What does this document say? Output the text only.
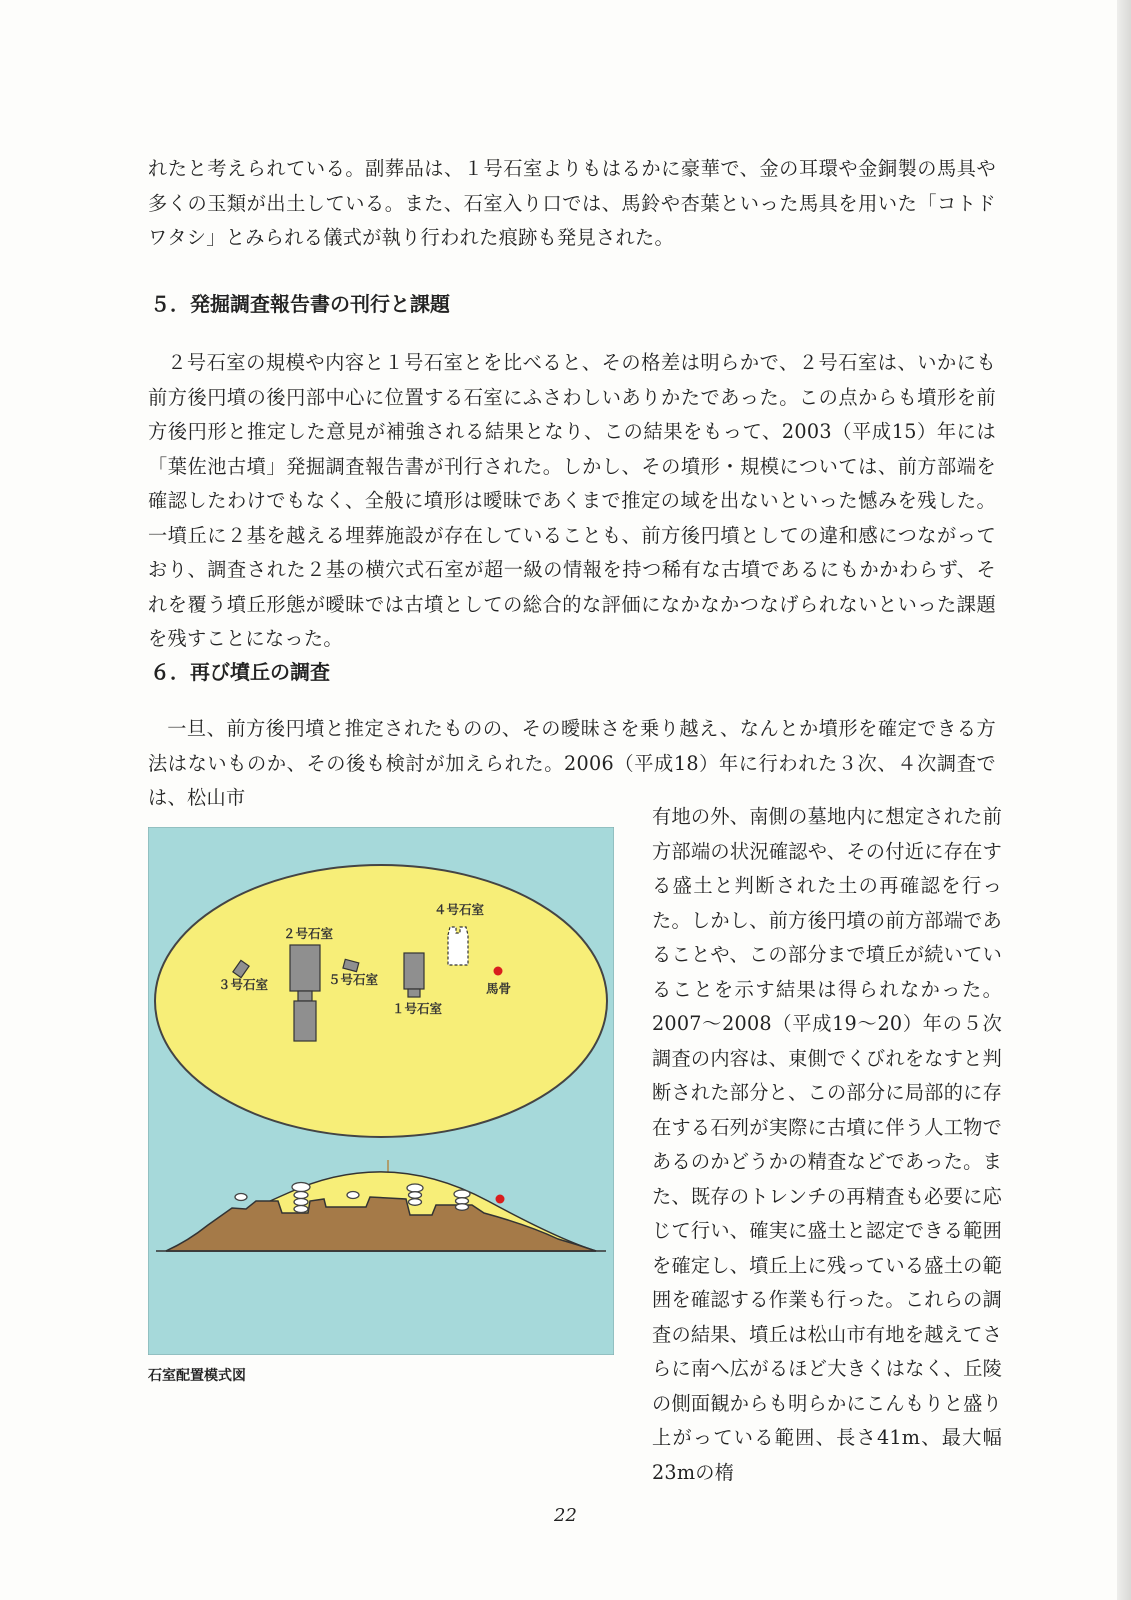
れたと考えられている。副葬品は、１号石室よりもはるかに豪華で、金の耳環や金銅製の馬具や多くの玉類が出土している。また、石室入り口では、馬鈴や杏葉といった馬具を用いた「コトドワタシ」とみられる儀式が執り行われた痕跡も発見された。

５．発掘調査報告書の刊行と課題

２号石室の規模や内容と１号石室とを比べると、その格差は明らかで、２号石室は、いかにも前方後円墳の後円部中心に位置する石室にふさわしいありかたであった。この点からも墳形を前方後円形と推定した意見が補強される結果となり、この結果をもって、2003（平成15）年には「葉佐池古墳」発掘調査報告書が刊行された。しかし、その墳形・規模については、前方部端を確認したわけでもなく、全般に墳形は曖昧であくまで推定の域を出ないといった憾みを残した。一墳丘に２基を越える埋葬施設が存在していることも、前方後円墳としての違和感につながっており、調査された２基の横穴式石室が超一級の情報を持つ稀有な古墳であるにもかかわらず、それを覆う墳丘形態が曖昧では古墳としての総合的な評価になかなかつなげられないといった課題を残すことになった。

６．再び墳丘の調査

一旦、前方後円墳と推定されたものの、その曖昧さを乗り越え、なんとか墳形を確定できる方法はないものか、その後も検討が加えられた。2006（平成18）年に行われた３次、４次調査では、松山市

２号石室
３号石室	５号石室
１号石室
４号石室
馬骨

石室配置模式図

有地の外、南側の墓地内に想定された前方部端の状況確認や、その付近に存在する盛土と判断された土の再確認を行った。しかし、前方後円墳の前方部端であることや、この部分まで墳丘が続いていることを示す結果は得られなかった。2007〜2008（平成19〜20）年の５次調査の内容は、東側でくびれをなすと判断された部分と、この部分に局部的に存在する石列が実際に古墳に伴う人工物であるのかどうかの精査などであった。また、既存のトレンチの再精査も必要に応じて行い、確実に盛土と認定できる範囲を確定し、墳丘上に残っている盛土の範囲を確認する作業も行った。これらの調査の結果、墳丘は松山市有地を越えてさらに南へ広がるほど大きくはなく、丘陵の側面観からも明らかにこんもりと盛り上がっている範囲、長さ41m、最大幅23mの楕

22
